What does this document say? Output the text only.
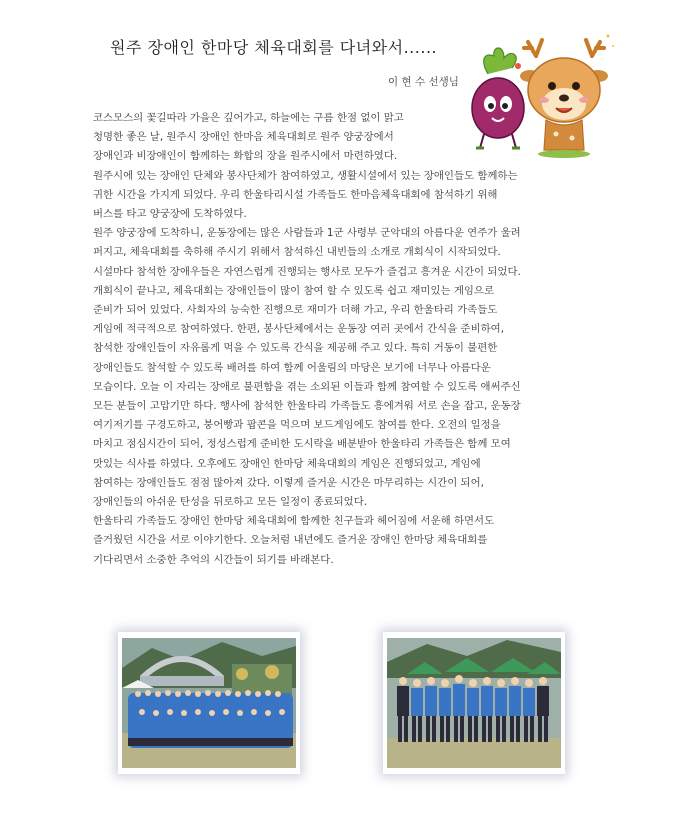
원주 장애인 한마당 체육대회를 다녀와서......
이 현 수 선생님

코스모스의 꽃길따라 가을은 깊어가고, 하늘에는 구름 한점 없이 맑고
청명한 좋은 날, 원주시 장애인 한마음 체육대회로 원주 양궁장에서
장애인과 비장애인이 함께하는 화합의 장을 원주시에서 마련하였다.

원주시에 있는 장애인 단체와 봉사단체가 참여하였고, 생활시설에서 있는 장애인들도 함께하는
귀한 시간을 가지게 되었다. 우리 한울타리시설 가족들도 한마음체육대회에 참석하기 위해
버스를 타고 양궁장에 도착하였다.

원주 양궁장에 도착하니, 운동장에는 많은 사람들과 1군 사령부 군악대의 아름다운 연주가 울려
퍼지고, 체육대회를 축하해 주시기 위해서 참석하신 내빈들의 소개로 개회식이 시작되었다.
시설마다 참석한 장애우들은 자연스럽게 진행되는 행사로 모두가 즐겁고 흥겨운 시간이 되었다.
개회식이 끝나고, 체육대회는 장애인들이 많이 참여 할 수 있도록 쉽고 재미있는 게임으로
준비가 되어 있었다. 사회자의 능숙한 진행으로 재미가 더해 가고, 우리 한울타리 가족들도
게임에 적극적으로 참여하였다. 한편, 봉사단체에서는 운동장 여러 곳에서 간식을 준비하여,
참석한 장애인들이 자유롭게 먹을 수 있도록 간식을 제공해 주고 있다. 특히 거동이 불편한
장애인들도 참석할 수 있도록 배려를 하여 함께 어울림의 마당은 보기에 너무나 아름다운
모습이다. 오늘 이 자리는 장애로 불편함을 겪는 소외된 이들과 함께 참여할 수 있도록 애써주신
모든 분들이 고맙기만 하다. 행사에 참석한 한울타리 가족들도 흥에겨워 서로 손을 잡고, 운동장
여기저기를 구경도하고, 붕어빵과 팝콘을 먹으며 보드게임에도 참여를 한다. 오전의 일정을
마치고 점심시간이 되어, 정성스럽게 준비한 도시락을 배분받아 한울타리 가족들은 함께 모여
맛있는 식사를 하였다. 오후에도 장애인 한마당 체육대회의 게임은 진행되었고, 게임에
참여하는 장애인들도 점점 많아져 갔다. 이렇게 즐거운 시간은 마무리하는 시간이 되어,
장애인들의 아쉬운 탄성을 뒤로하고 모든 일정이 종료되었다.
한울타리 가족들도 장애인 한마당 체육대회에 함께한 친구들과 헤어짐에 서운해 하면서도
즐거웠던 시간을 서로 이야기한다. 오늘처럼 내년에도 즐거운 장애인 한마당 체육대회를
기다리면서 소중한 추억의 시간들이 되기를 바래본다.
